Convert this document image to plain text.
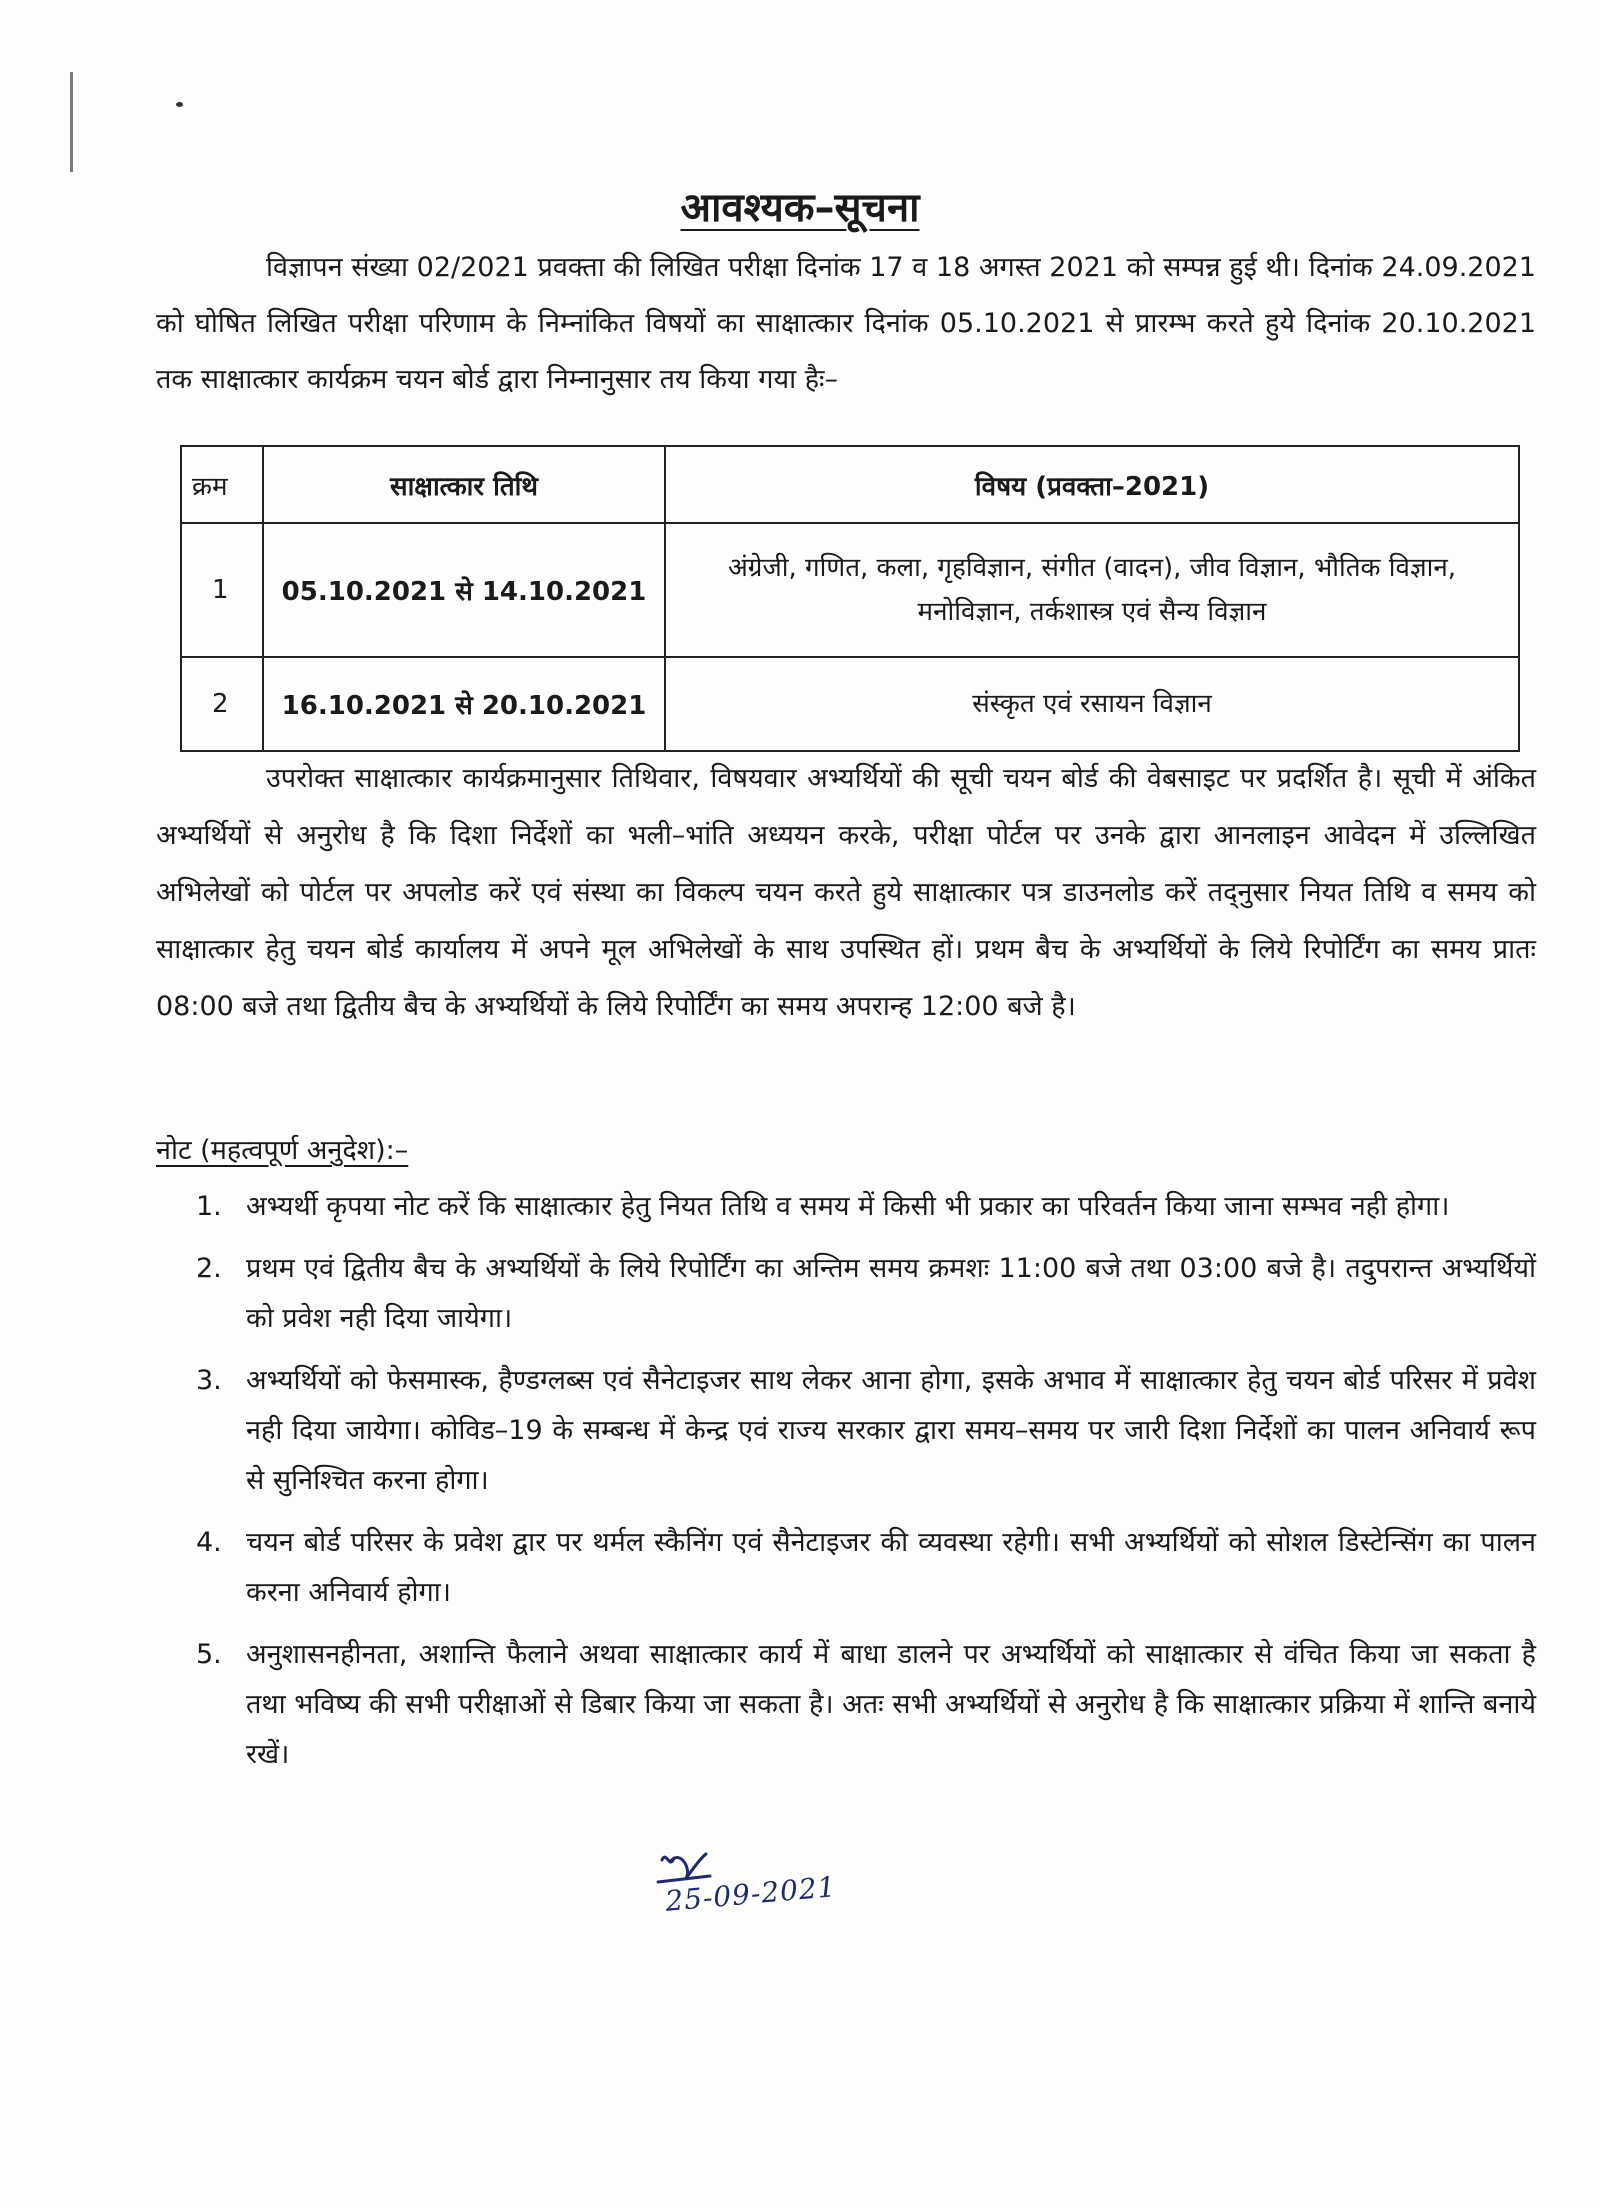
आवश्यक–सूचना

विज्ञापन संख्या 02/2021 प्रवक्ता की लिखित परीक्षा दिनांक 17 व 18 अगस्त 2021 को सम्पन्न हुई थी। दिनांक 24.09.2021 को घोषित लिखित परीक्षा परिणाम के निम्नांकित विषयों का साक्षात्कार दिनांक 05.10.2021 से प्रारम्भ करते हुये दिनांक 20.10.2021 तक साक्षात्कार कार्यक्रम चयन बोर्ड द्वारा निम्नानुसार तय किया गया हैः–

क्रम	साक्षात्कार तिथि	विषय (प्रवक्ता–2021)
1	05.10.2021 से 14.10.2021	अंग्रेजी, गणित, कला, गृहविज्ञान, संगीत (वादन), जीव विज्ञान, भौतिक विज्ञान, मनोविज्ञान, तर्कशास्त्र एवं सैन्य विज्ञान
2	16.10.2021 से 20.10.2021	संस्कृत एवं रसायन विज्ञान

उपरोक्त साक्षात्कार कार्यक्रमानुसार तिथिवार, विषयवार अभ्यर्थियों की सूची चयन बोर्ड की वेबसाइट पर प्रदर्शित है। सूची में अंकित अभ्यर्थियों से अनुरोध है कि दिशा निर्देशों का भली–भांति अध्ययन करके, परीक्षा पोर्टल पर उनके द्वारा आनलाइन आवेदन में उल्लिखित अभिलेखों को पोर्टल पर अपलोड करें एवं संस्था का विकल्प चयन करते हुये साक्षात्कार पत्र डाउनलोड करें तद्नुसार नियत तिथि व समय को साक्षात्कार हेतु चयन बोर्ड कार्यालय में अपने मूल अभिलेखों के साथ उपस्थित हों। प्रथम बैच के अभ्यर्थियों के लिये रिपोर्टिंग का समय प्रातः 08:00 बजे तथा द्वितीय बैच के अभ्यर्थियों के लिये रिपोर्टिंग का समय अपरान्ह 12:00 बजे है।

नोट (महत्वपूर्ण अनुदेश):–
1. अभ्यर्थी कृपया नोट करें कि साक्षात्कार हेतु नियत तिथि व समय में किसी भी प्रकार का परिवर्तन किया जाना सम्भव नही होगा।
2. प्रथम एवं द्वितीय बैच के अभ्यर्थियों के लिये रिपोर्टिंग का अन्तिम समय क्रमशः 11:00 बजे तथा 03:00 बजे है। तदुपरान्त अभ्यर्थियों को प्रवेश नही दिया जायेगा।
3. अभ्यर्थियों को फेसमास्क, हैण्डग्लब्स एवं सैनेटाइजर साथ लेकर आना होगा, इसके अभाव में साक्षात्कार हेतु चयन बोर्ड परिसर में प्रवेश नही दिया जायेगा। कोविड–19 के सम्बन्ध में केन्द्र एवं राज्य सरकार द्वारा समय–समय पर जारी दिशा निर्देशों का पालन अनिवार्य रूप से सुनिश्चित करना होगा।
4. चयन बोर्ड परिसर के प्रवेश द्वार पर थर्मल स्कैनिंग एवं सैनेटाइजर की व्यवस्था रहेगी। सभी अभ्यर्थियों को सोशल डिस्टेन्सिंग का पालन करना अनिवार्य होगा।
5. अनुशासनहीनता, अशान्ति फैलाने अथवा साक्षात्कार कार्य में बाधा डालने पर अभ्यर्थियों को साक्षात्कार से वंचित किया जा सकता है तथा भविष्य की सभी परीक्षाओं से डिबार किया जा सकता है। अतः सभी अभ्यर्थियों से अनुरोध है कि साक्षात्कार प्रक्रिया में शान्ति बनाये रखें।
25-09-2021
